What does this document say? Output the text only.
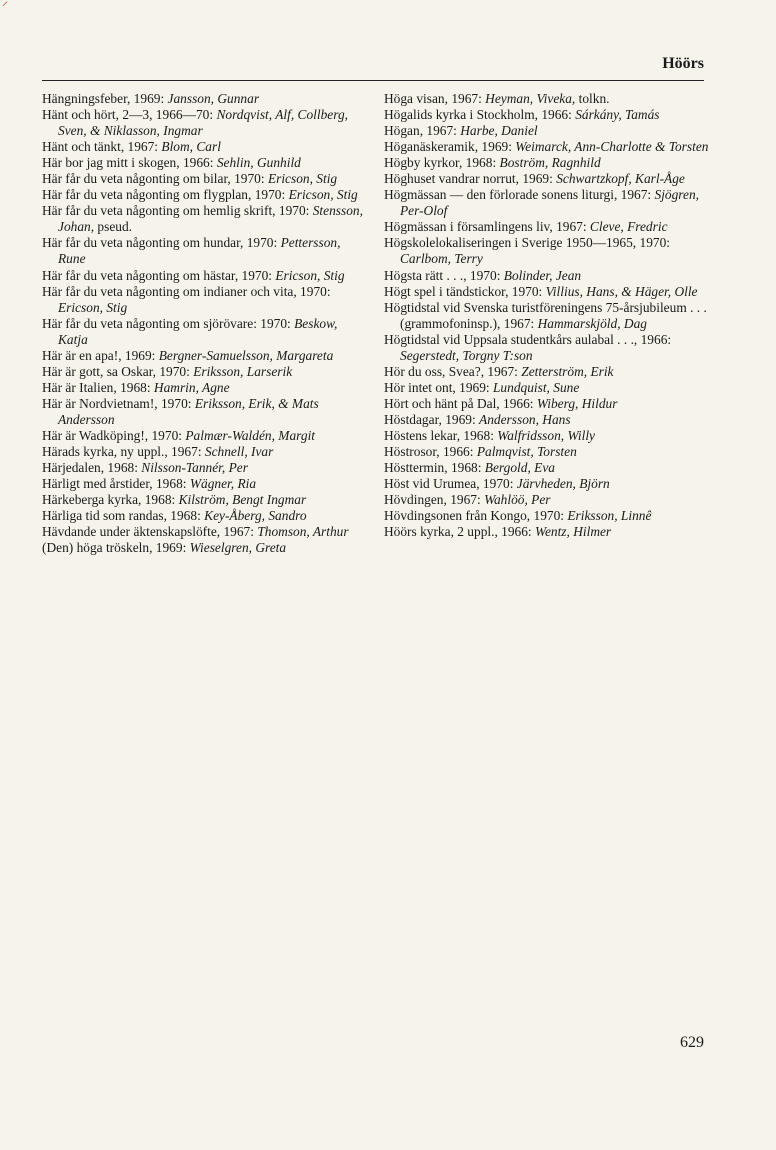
⸍
Höörs

Hängningsfeber, 1969: Jansson, Gunnar

Hänt och hört, 2—3, 1966—70: Nordqvist, Alf, Collberg, Sven, & Niklasson, Ingmar

Hänt och tänkt, 1967: Blom, Carl

Här bor jag mitt i skogen, 1966: Sehlin, Gunhild

Här får du veta någonting om bilar, 1970: Ericson, Stig

Här får du veta någonting om flygplan, 1970: Ericson, Stig

Här får du veta någonting om hemlig skrift, 1970: Stensson, Johan, pseud.

Här får du veta någonting om hundar, 1970: Pettersson, Rune

Här får du veta någonting om hästar, 1970: Ericson, Stig

Här får du veta någonting om indianer och vita, 1970: Ericson, Stig

Här får du veta någonting om sjörövare: 1970: Beskow, Katja

Här är en apa!, 1969: Bergner-Samuelsson, Margareta

Här är gott, sa Oskar, 1970: Eriksson, Larserik

Här är Italien, 1968: Hamrin, Agne

Här är Nordvietnam!, 1970: Eriksson, Erik, & Mats Andersson

Här är Wadköping!, 1970: Palmær-Waldén, Margit

Härads kyrka, ny uppl., 1967: Schnell, Ivar

Härjedalen, 1968: Nilsson-Tannér, Per

Härligt med årstider, 1968: Wägner, Ria

Härkeberga kyrka, 1968: Kilström, Bengt Ingmar

Härliga tid som randas, 1968: Key-Åberg, Sandro

Hävdande under äktenskapslöfte, 1967: Thomson, Arthur

(Den) höga tröskeln, 1969: Wieselgren, Greta

Höga visan, 1967: Heyman, Viveka, tolkn.

Högalids kyrka i Stockholm, 1966: Sárkány, Tamás

Högan, 1967: Harbe, Daniel

Höganäskeramik, 1969: Weimarck, Ann-Charlotte & Torsten

Högby kyrkor, 1968: Boström, Ragnhild

Höghuset vandrar norrut, 1969: Schwartzkopf, Karl-Åge

Högmässan — den förlorade sonens liturgi, 1967: Sjögren, Per-Olof

Högmässan i församlingens liv, 1967: Cleve, Fredric

Högskolelokaliseringen i Sverige 1950—1965, 1970: Carlbom, Terry

Högsta rätt . . ., 1970: Bolinder, Jean

Högt spel i tändstickor, 1970: Villius, Hans, & Häger, Olle

Högtidstal vid Svenska turistföreningens 75-årsjubileum . . . (grammofoninsp.), 1967: Hammarskjöld, Dag

Högtidstal vid Uppsala studentkårs aulabal . . ., 1966: Segerstedt, Torgny T:son

Hör du oss, Svea?, 1967: Zetterström, Erik

Hör intet ont, 1969: Lundquist, Sune

Hört och hänt på Dal, 1966: Wiberg, Hildur

Höstdagar, 1969: Andersson, Hans

Höstens lekar, 1968: Walfridsson, Willy

Höstrosor, 1966: Palmqvist, Torsten

Hösttermin, 1968: Bergold, Eva

Höst vid Urumea, 1970: Järvheden, Björn

Hövdingen, 1967: Wahlöö, Per

Hövdingsonen från Kongo, 1970: Eriksson, Linnê

Höörs kyrka, 2 uppl., 1966: Wentz, Hilmer

629
